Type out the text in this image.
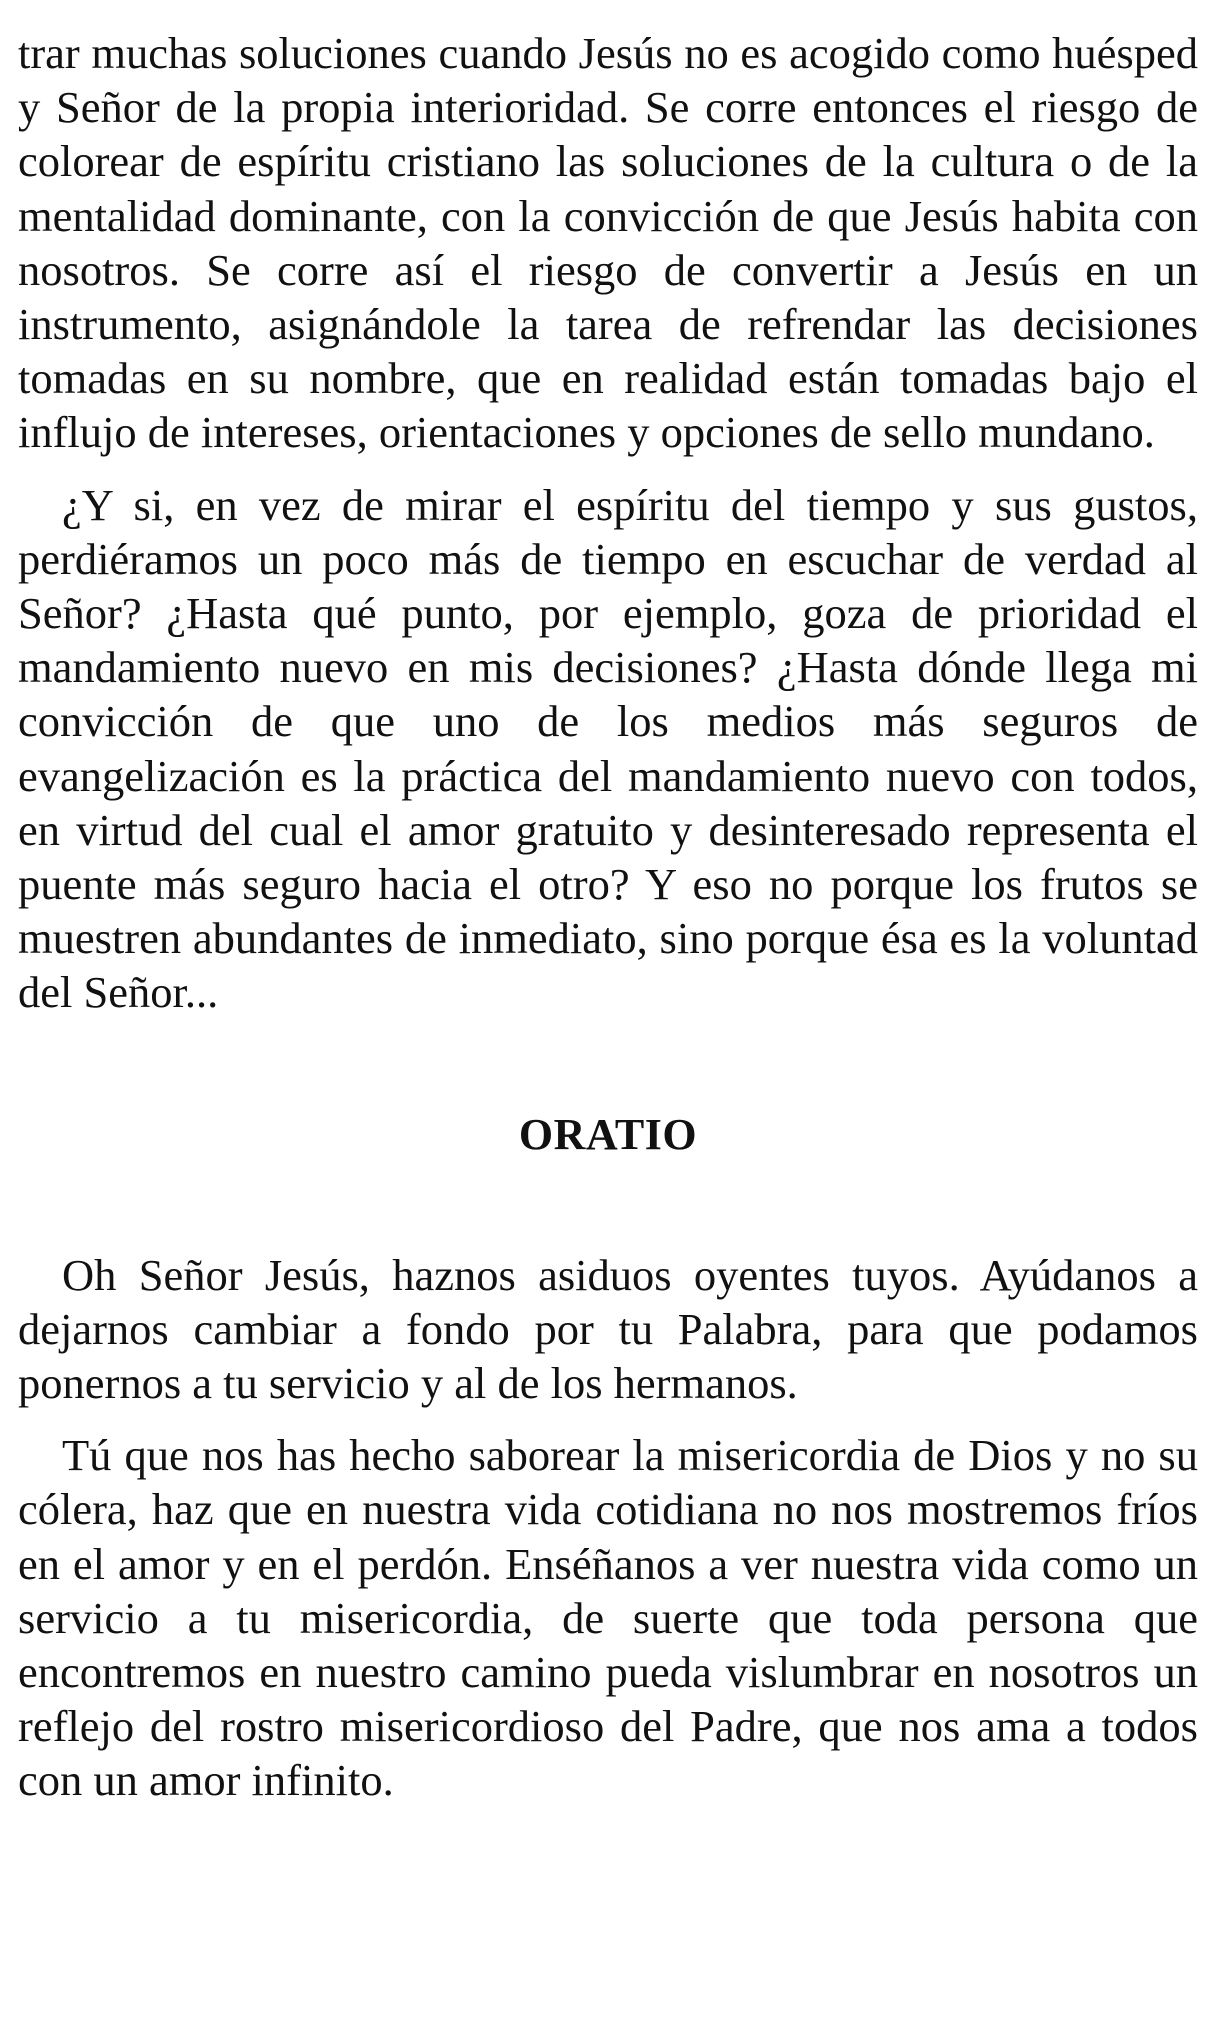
trar muchas soluciones cuando Jesús no es acogido como huésped y Señor de la propia interioridad. Se corre entonces el riesgo de colorear de espíritu cristiano las soluciones de la cultura o de la mentalidad dominante, con la convicción de que Jesús habita con nosotros. Se corre así el riesgo de convertir a Jesús en un instrumento, asignándole la tarea de refrendar las decisiones tomadas en su nombre, que en realidad están tomadas bajo el influjo de intereses, orientaciones y opciones de sello mundano.

¿Y si, en vez de mirar el espíritu del tiempo y sus gustos, perdiéramos un poco más de tiempo en escuchar de verdad al Señor? ¿Hasta qué punto, por ejemplo, goza de prioridad el mandamiento nuevo en mis decisiones? ¿Hasta dónde llega mi convicción de que uno de los medios más seguros de evangelización es la práctica del mandamiento nuevo con todos, en virtud del cual el amor gratuito y desinteresado representa el puente más seguro hacia el otro? Y eso no porque los frutos se muestren abundantes de inmediato, sino porque ésa es la voluntad del Señor...

ORATIO

Oh Señor Jesús, haznos asiduos oyentes tuyos. Ayúdanos a dejarnos cambiar a fondo por tu Palabra, para que podamos ponernos a tu servicio y al de los hermanos.

Tú que nos has hecho saborear la misericordia de Dios y no su cólera, haz que en nuestra vida cotidiana no nos mostremos fríos en el amor y en el perdón. Enséñanos a ver nuestra vida como un servicio a tu misericordia, de suerte que toda persona que encontremos en nuestro camino pueda vislumbrar en nosotros un reflejo del rostro misericordioso del Padre, que nos ama a todos con un amor infinito.
